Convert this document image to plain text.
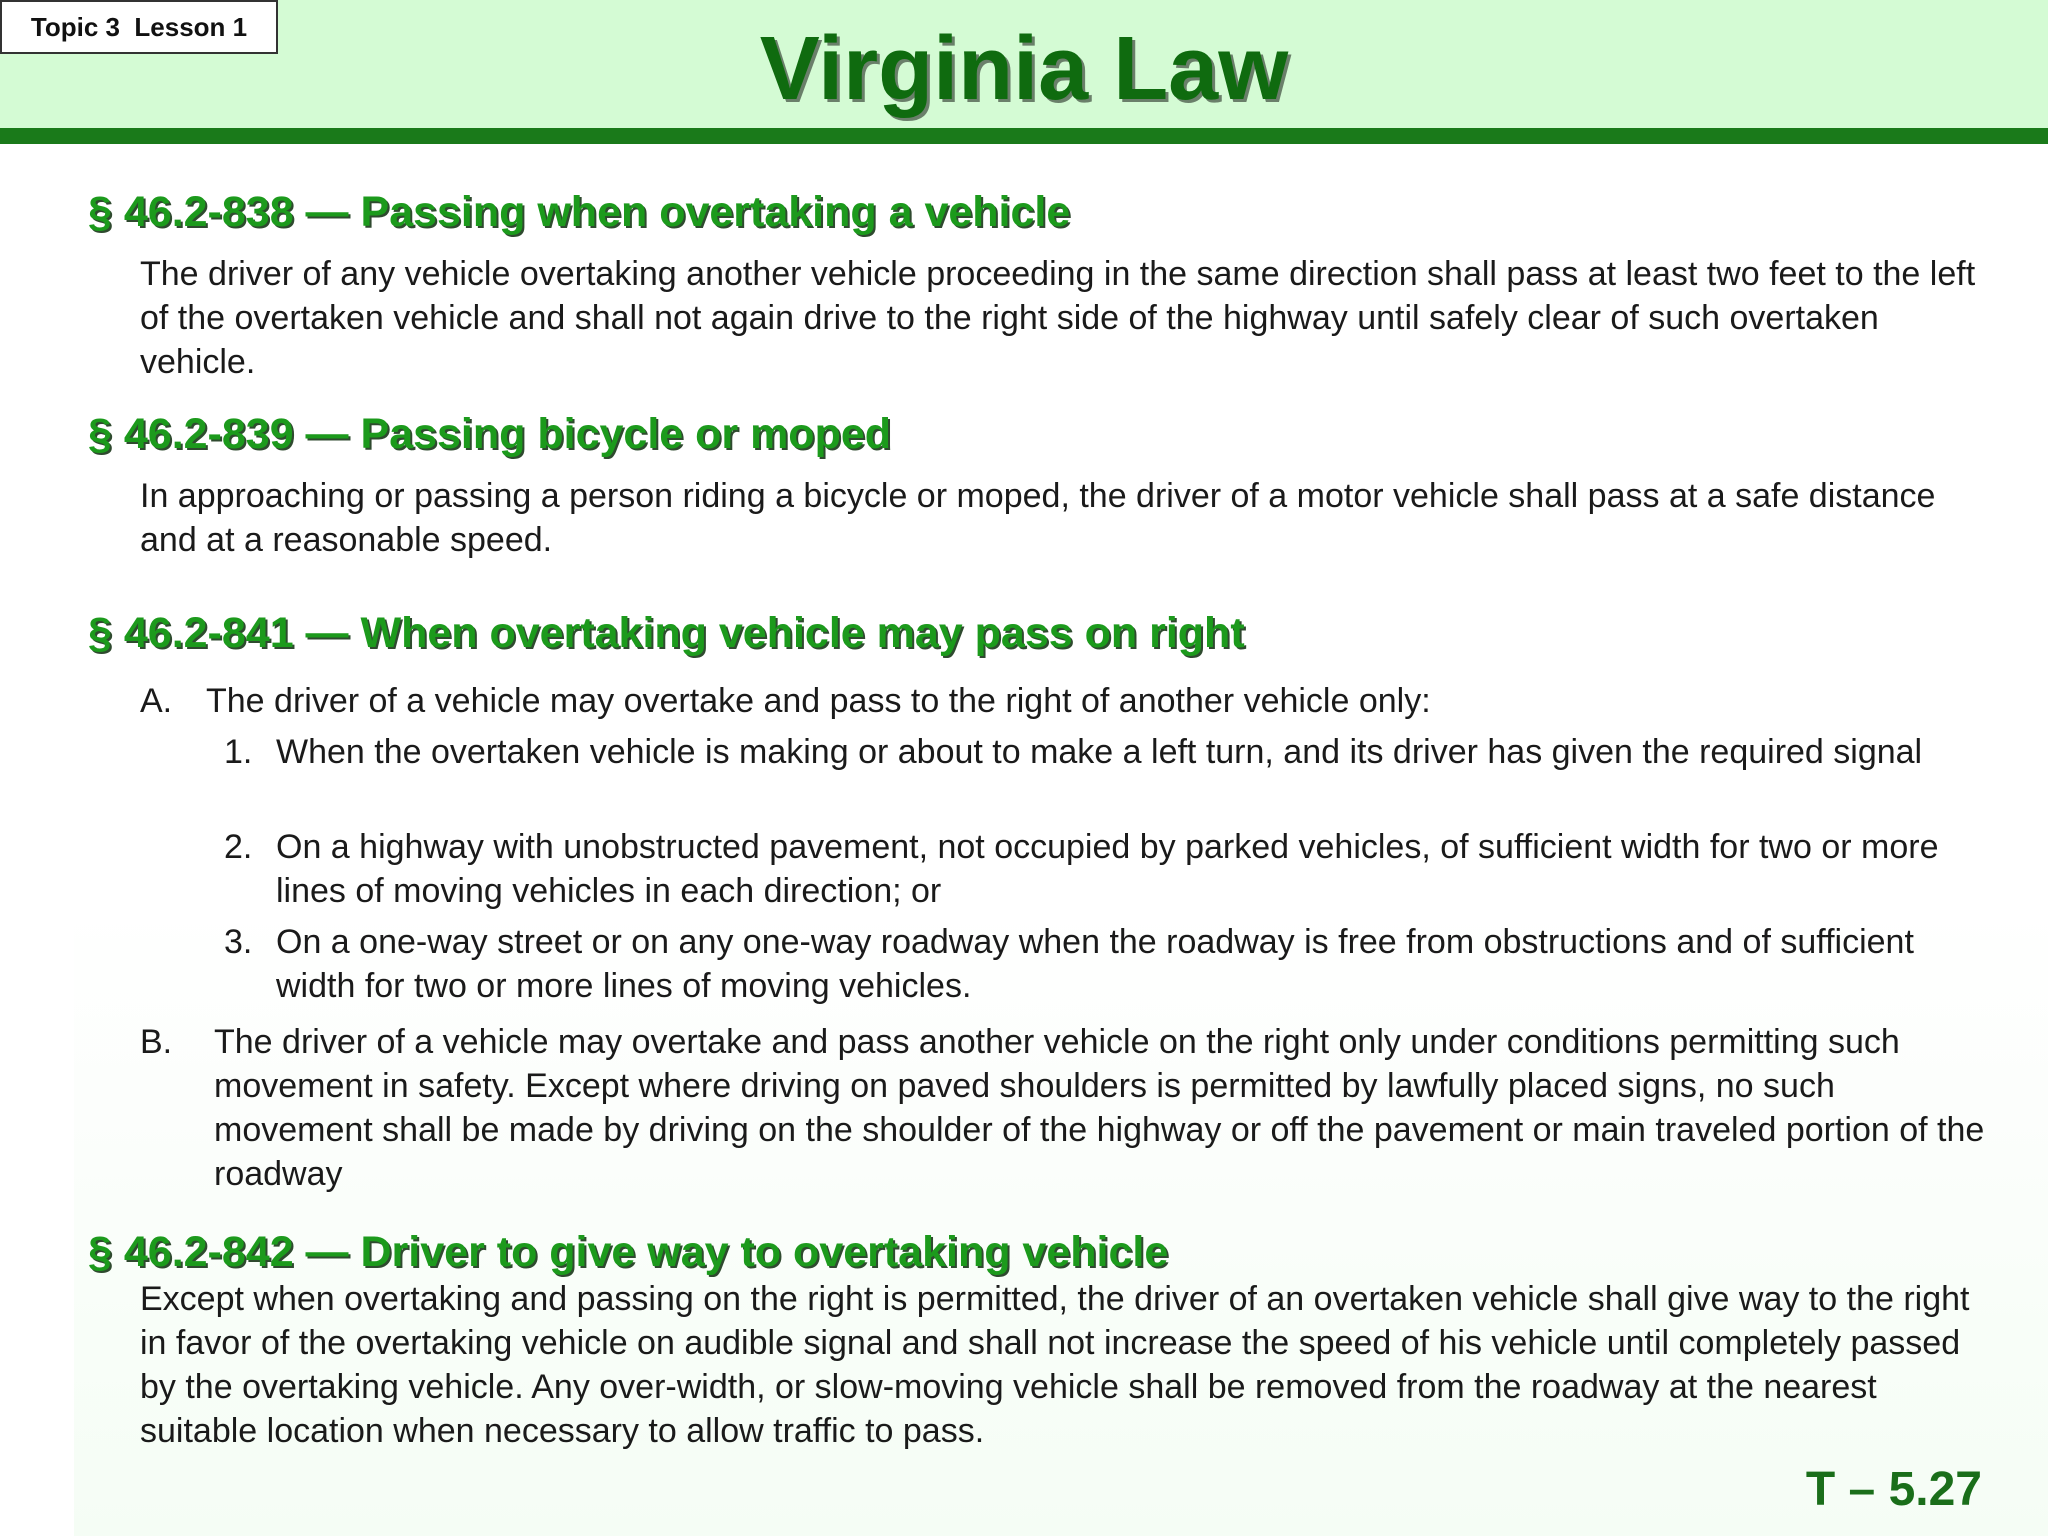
Topic 3  Lesson 1	Virginia Law
§ 46.2-838 — Passing when overtaking a vehicle
The driver of any vehicle overtaking another vehicle proceeding in the same direction shall pass at least two feet to the left of the overtaken vehicle and shall not again drive to the right side of the highway until safely clear of such overtaken vehicle.
§ 46.2-839 — Passing bicycle or moped
In approaching or passing a person riding a bicycle or moped, the driver of a motor vehicle shall pass at a safe distance and at a reasonable speed.
§ 46.2-841 — When overtaking vehicle may pass on right
A. The driver of a vehicle may overtake and pass to the right of another vehicle only:
1. When the overtaken vehicle is making or about to make a left turn, and its driver has given the required signal
2. On a highway with unobstructed pavement, not occupied by parked vehicles, of sufficient width for two or more lines of moving vehicles in each direction; or
3. On a one-way street or on any one-way roadway when the roadway is free from obstructions and of sufficient width for two or more lines of moving vehicles.
B. The driver of a vehicle may overtake and pass another vehicle on the right only under conditions permitting such movement in safety. Except where driving on paved shoulders is permitted by lawfully placed signs, no such movement shall be made by driving on the shoulder of the highway or off the pavement or main traveled portion of the roadway
§ 46.2-842 — Driver to give way to overtaking vehicle
Except when overtaking and passing on the right is permitted, the driver of an overtaken vehicle shall give way to the right in favor of the overtaking vehicle on audible signal and shall not increase the speed of his vehicle until completely passed by the overtaking vehicle. Any over-width, or slow-moving vehicle shall be removed from the roadway at the nearest suitable location when necessary to allow traffic to pass.
T – 5.27
